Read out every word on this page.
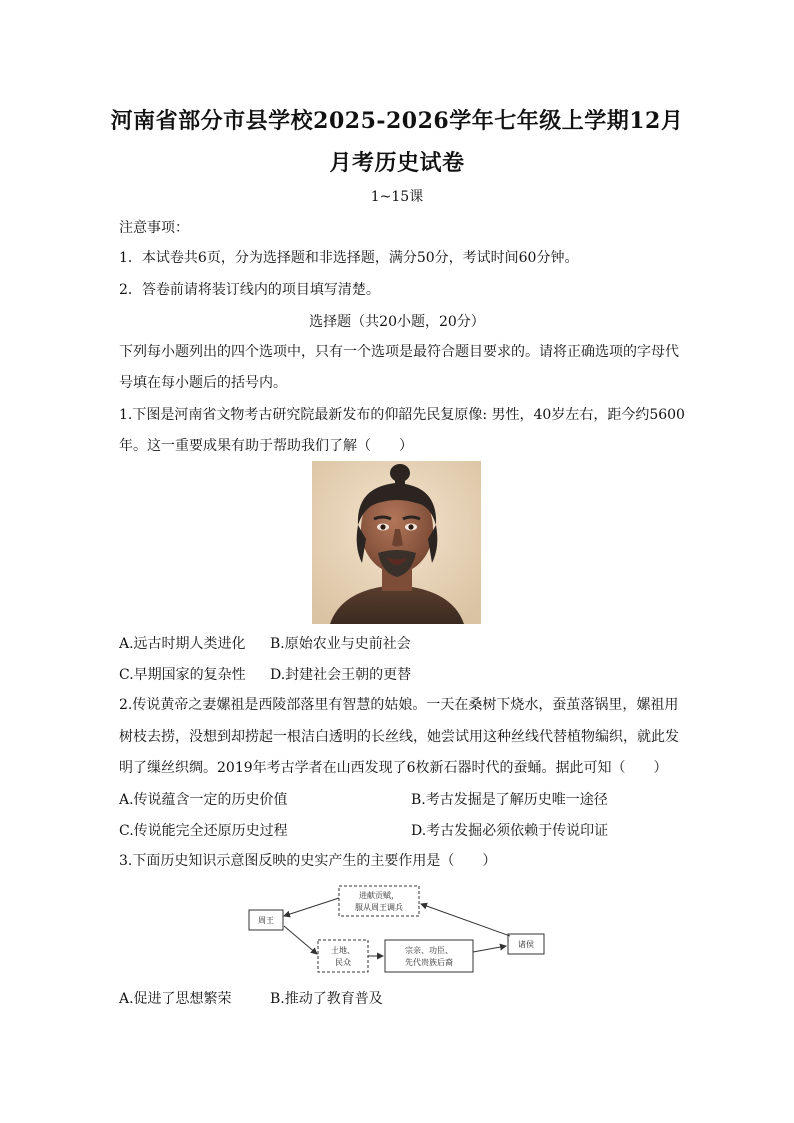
河南省部分市县学校2025-2026学年七年级上学期12月
月考历史试卷
1~15课
注意事项：
1．本试卷共6页，分为选择题和非选择题，满分50分，考试时间60分钟。
2．答卷前请将装订线内的项目填写清楚。
选择题（共20小题，20分）
下列每小题列出的四个选项中，只有一个选项是最符合题目要求的。请将正确选项的字母代
号填在每小题后的括号内。
1.下图是河南省文物考古研究院最新发布的仰韶先民复原像: 男性，40岁左右，距今约5600
年。这一重要成果有助于帮助我们了解（　　）
A.远古时期人类进化 B.原始农业与史前社会
C.早期国家的复杂性 D.封建社会王朝的更替
2.传说黄帝之妻嫘祖是西陵部落里有智慧的姑娘。一天在桑树下烧水，蚕茧落锅里，嫘祖用
树枝去捞，没想到却捞起一根洁白透明的长丝线，她尝试用这种丝线代替植物编织，就此发
明了缫丝织绸。2019年考古学者在山西发现了6枚新石器时代的蚕蛹。据此可知（　　）
A.传说蕴含一定的历史价值	B.考古发掘是了解历史唯一途径
C.传说能完全还原历史过程	D.考古发掘必须依赖于传说印证
3.下面历史知识示意图反映的史实产生的主要作用是（　　）
周王
进献贡赋，
服从周王调兵
土地、
民众
宗亲、功臣、
先代贵族后裔
诸侯
A.促进了思想繁荣	B.推动了教育普及
